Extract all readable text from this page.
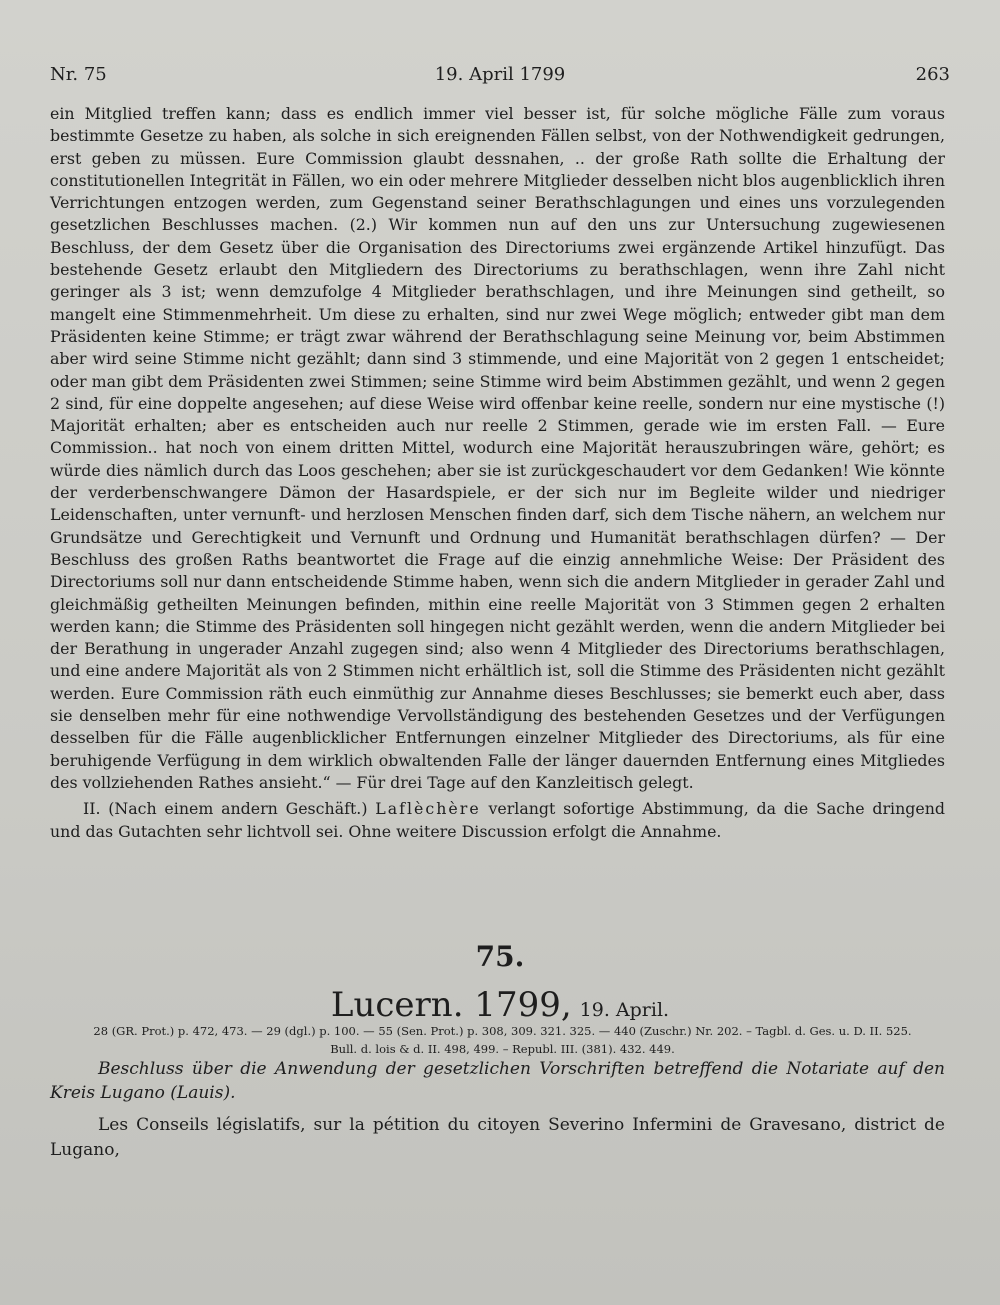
Nr. 75	19. April 1799	263

ein Mitglied treffen kann; dass es endlich immer viel besser ist, für solche mögliche Fälle zum voraus bestimmte Gesetze zu haben, als solche in sich ereignenden Fällen selbst, von der Nothwendigkeit gedrungen, erst geben zu müssen. Eure Commission glaubt dessnahen, .. der große Rath sollte die Erhaltung der constitutionellen Integrität in Fällen, wo ein oder mehrere Mitglieder desselben nicht blos augenblicklich ihren Verrichtungen entzogen werden, zum Gegenstand seiner Berathschlagungen und eines uns vorzulegenden gesetzlichen Beschlusses machen. (2.) Wir kommen nun auf den uns zur Untersuchung zugewiesenen Beschluss, der dem Gesetz über die Organisation des Directoriums zwei ergänzende Artikel hinzufügt. Das bestehende Gesetz erlaubt den Mitgliedern des Directoriums zu berathschlagen, wenn ihre Zahl nicht geringer als 3 ist; wenn demzufolge 4 Mitglieder berathschlagen, und ihre Meinungen sind getheilt, so mangelt eine Stimmenmehrheit. Um diese zu erhalten, sind nur zwei Wege möglich; entweder gibt man dem Präsidenten keine Stimme; er trägt zwar während der Berathschlagung seine Meinung vor, beim Abstimmen aber wird seine Stimme nicht gezählt; dann sind 3 stimmende, und eine Majorität von 2 gegen 1 entscheidet; oder man gibt dem Präsidenten zwei Stimmen; seine Stimme wird beim Abstimmen gezählt, und wenn 2 gegen 2 sind, für eine doppelte angesehen; auf diese Weise wird offenbar keine reelle, sondern nur eine mystische (!) Majorität erhalten; aber es entscheiden auch nur reelle 2 Stimmen, gerade wie im ersten Fall. — Eure Commission.. hat noch von einem dritten Mittel, wodurch eine Majorität herauszubringen wäre, gehört; es würde dies nämlich durch das Loos geschehen; aber sie ist zurückgeschaudert vor dem Gedanken! Wie könnte der verderbenschwangere Dämon der Hasardspiele, er der sich nur im Begleite wilder und niedriger Leidenschaften, unter vernunft- und herzlosen Menschen finden darf, sich dem Tische nähern, an welchem nur Grundsätze und Gerechtigkeit und Vernunft und Ordnung und Humanität berathschlagen dürfen? — Der Beschluss des großen Raths beantwortet die Frage auf die einzig annehmliche Weise: Der Präsident des Directoriums soll nur dann entscheidende Stimme haben, wenn sich die andern Mitglieder in gerader Zahl und gleichmäßig getheilten Meinungen befinden, mithin eine reelle Majorität von 3 Stimmen gegen 2 erhalten werden kann; die Stimme des Präsidenten soll hingegen nicht gezählt werden, wenn die andern Mitglieder bei der Berathung in ungerader Anzahl zugegen sind; also wenn 4 Mitglieder des Directoriums berathschlagen, und eine andere Majorität als von 2 Stimmen nicht erhältlich ist, soll die Stimme des Präsidenten nicht gezählt werden. Eure Commission räth euch einmüthig zur Annahme dieses Beschlusses; sie bemerkt euch aber, dass sie denselben mehr für eine nothwendige Vervollständigung des bestehenden Gesetzes und der Verfügungen desselben für die Fälle augenblicklicher Entfernungen einzelner Mitglieder des Directoriums, als für eine beruhigende Verfügung in dem wirklich obwaltenden Falle der länger dauernden Entfernung eines Mitgliedes des vollziehenden Rathes ansieht.“ — Für drei Tage auf den Kanzleitisch gelegt.

II. (Nach einem andern Geschäft.) Laflèchère verlangt sofortige Abstimmung, da die Sache dringend und das Gutachten sehr lichtvoll sei. Ohne weitere Discussion erfolgt die Annahme.

75.
Lucern. 1799, 19. April.
28 (GR. Prot.) p. 472, 473. — 29 (dgl.) p. 100. — 55 (Sen. Prot.) p. 308, 309. 321. 325. — 440 (Zuschr.) Nr. 202. – Tagbl. d. Ges. u. D. II. 525.
Bull. d. lois & d. II. 498, 499. – Republ. III. (381). 432. 449.
Beschluss über die Anwendung der gesetzlichen Vorschriften betreffend die Notariate auf den Kreis Lugano (Lauis).
Les Conseils législatifs, sur la pétition du citoyen Severino Infermini de Gravesano, district de Lugano,
